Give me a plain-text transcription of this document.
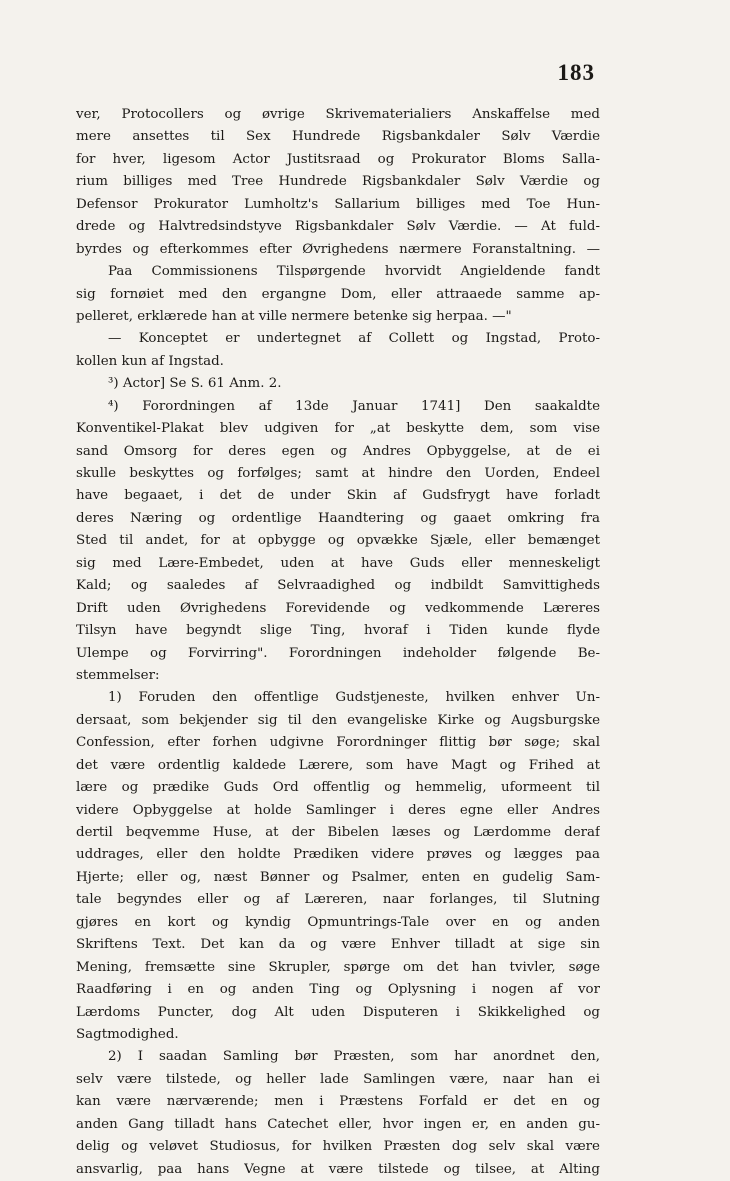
183
ver, Protocollers og øvrige Skrivematerialiers Anskaffelse med
mere ansettes til Sex Hundrede Rigsbankdaler Sølv Værdie
for hver, ligesom Actor Justitsraad og Prokurator Bloms Salla-
rium billiges med Tree Hundrede Rigsbankdaler Sølv Værdie og
Defensor Prokurator Lumholtz's Sallarium billiges med Toe Hun-
drede og Halvtredsindstyve Rigsbankdaler Sølv Værdie. — At fuld-
byrdes og efterkommes efter Øvrighedens nærmere Foranstaltning. —
Paa Commissionens Tilspørgende hvorvidt Angieldende fandt
sig fornøiet med den ergangne Dom, eller attraaede samme ap-
pelleret, erklærede han at ville nermere betenke sig herpaa. —"
— Konceptet er undertegnet af Collett og Ingstad, Proto-
kollen kun af Ingstad.
³) Actor] Se S. 61 Anm. 2.
⁴) Forordningen af 13de Januar 1741] Den saakaldte
Konventikel-Plakat blev udgiven for „at beskytte dem, som vise
sand Omsorg for deres egen og Andres Opbyggelse, at de ei
skulle beskyttes og forfølges; samt at hindre den Uorden, Endeel
have begaaet, i det de under Skin af Gudsfrygt have forladt
deres Næring og ordentlige Haandtering og gaaet omkring fra
Sted til andet, for at opbygge og opvække Sjæle, eller bemænget
sig med Lære-Embedet, uden at have Guds eller menneskeligt
Kald; og saaledes af Selvraadighed og indbildt Samvittigheds
Drift uden Øvrighedens Forevidende og vedkommende Læreres
Tilsyn have begyndt slige Ting, hvoraf i Tiden kunde flyde
Ulempe og Forvirring". Forordningen indeholder følgende Be-
stemmelser:
1) Foruden den offentlige Gudstjeneste, hvilken enhver Un-
dersaat, som bekjender sig til den evangeliske Kirke og Augsburgske
Confession, efter forhen udgivne Forordninger flittig bør søge; skal
det være ordentlig kaldede Lærere, som have Magt og Frihed at
lære og prædike Guds Ord offentlig og hemmelig, uformeent til
videre Opbyggelse at holde Samlinger i deres egne eller Andres
dertil beqvemme Huse, at der Bibelen læses og Lærdomme deraf
uddrages, eller den holdte Prædiken videre prøves og lægges paa
Hjerte; eller og, næst Bønner og Psalmer, enten en gudelig Sam-
tale begyndes eller og af Læreren, naar forlanges, til Slutning
gjøres en kort og kyndig Opmuntrings-Tale over en og anden
Skriftens Text. Det kan da og være Enhver tilladt at sige sin
Mening, fremsætte sine Skrupler, spørge om det han tvivler, søge
Raadføring i en og anden Ting og Oplysning i nogen af vor
Lærdoms Puncter, dog Alt uden Disputeren i Skikkelighed og
Sagtmodighed.
2) I saadan Samling bør Præsten, som har anordnet den,
selv være tilstede, og heller lade Samlingen være, naar han ei
kan være nærværende; men i Præstens Forfald er det en og
anden Gang tilladt hans Catechet eller, hvor ingen er, en anden gu-
delig og veløvet Studiosus, for hvilken Præsten dog selv skal være
ansvarlig, paa hans Vegne at være tilstede og tilsee, at Alting
